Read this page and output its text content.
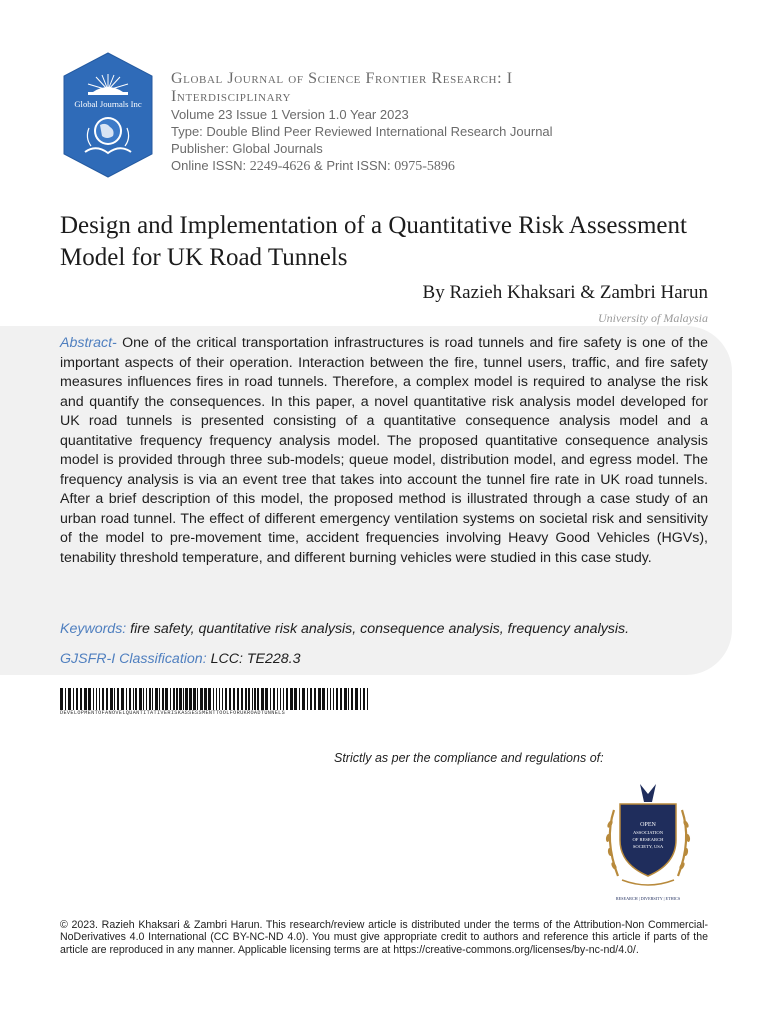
Global Journals Inc
Global Journal of Science Frontier Research: I
Interdisciplinary
Volume 23 Issue 1 Version 1.0 Year 2023
Type: Double Blind Peer Reviewed International Research Journal
Publisher: Global Journals
Online ISSN: 2249-4626 & Print ISSN: 0975-5896
Design and Implementation of a Quantitative Risk Assessment Model for UK Road Tunnels
By Razieh Khaksari & Zambri Harun
University of Malaysia

Abstract- One of the critical transportation infrastructures is road tunnels and fire safety is one of the important aspects of their operation. Interaction between the fire, tunnel users, traffic, and fire safety measures influences fires in road tunnels. Therefore, a complex model is required to analyse the risk and quantify the consequences. In this paper, a novel quantitative risk analysis model developed for UK road tunnels is presented consisting of a quantitative consequence analysis model and a quantitative frequency frequency analysis model. The proposed quantitative consequence analysis model is provided through three sub-models; queue model, distribution model, and egress model. The frequency analysis is via an event tree that takes into account the tunnel fire rate in UK road tunnels. After a brief description of this model, the proposed method is illustrated through a case study of an urban road tunnel. The effect of different emergency ventilation systems on societal risk and sensitivity of the model to pre-movement time, accident frequencies involving Heavy Good Vehicles (HGVs), tenability threshold temperature, and different burning vehicles were studied in this case study.

Keywords: fire safety, quantitative risk analysis, consequence analysis, frequency analysis.
GJSFR-I Classification: LCC: TE228.3
DEVELOPMENTOFANOVELQUANTITATIVERISKASSESSMENTTOOLFORUKROADTUNNELS
Strictly as per the compliance and regulations of:
OPEN
ASSOCIATION
OF RESEARCH
SOCIETY, USA
RESEARCH | DIVERSITY | ETHICS

© 2023. Razieh Khaksari & Zambri Harun. This research/review article is distributed under the terms of the Attribution-Non Commercial-NoDerivatives 4.0 International (CC BY-NC-ND 4.0). You must give appropriate credit to authors and reference this article if parts of the article are reproduced in any manner. Applicable licensing terms are at https://creative-commons.org/licenses/by-nc-nd/4.0/.
